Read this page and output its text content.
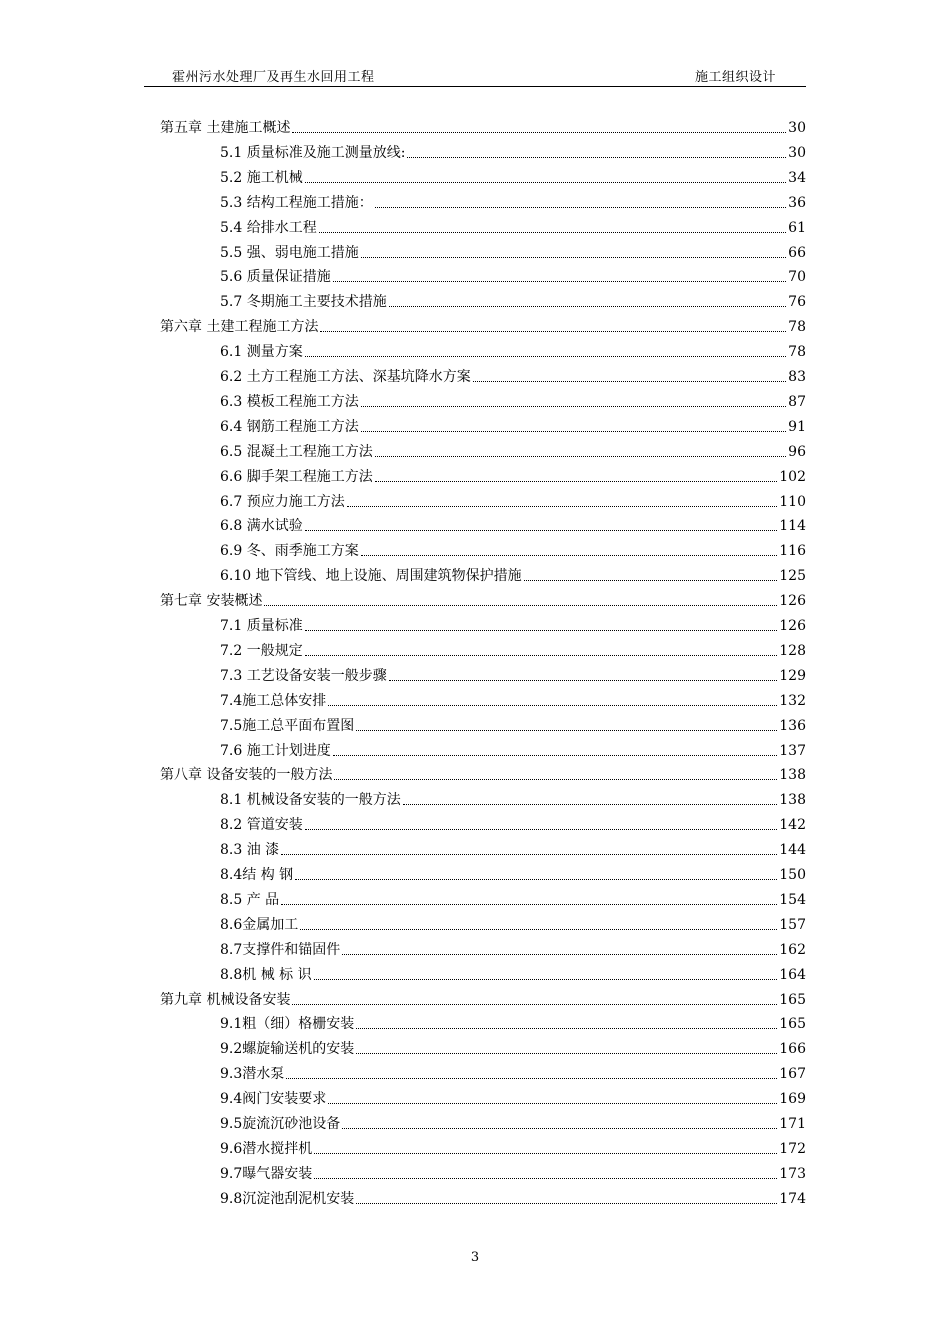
霍州污水处理厂及再生水回用工程	施工组织设计
第五章 土建施工概述	30
5.1 质量标准及施工测量放线:	30
5.2 施工机械	34
5.3 结构工程施工措施：	36
5.4 给排水工程	61
5.5 强、弱电施工措施	66
5.6 质量保证措施	70
5.7 冬期施工主要技术措施	76
第六章 土建工程施工方法	78
6.1 测量方案	78
6.2 土方工程施工方法、深基坑降水方案	83
6.3 模板工程施工方法	87
6.4 钢筋工程施工方法	91
6.5 混凝土工程施工方法	96
6.6 脚手架工程施工方法	102
6.7 预应力施工方法	110
6.8 满水试验	114
6.9 冬、雨季施工方案	116
6.10 地下管线、地上设施、周围建筑物保护措施	125
第七章 安装概述	126
7.1 质量标准	126
7.2 一般规定	128
7.3 工艺设备安装一般步骤	129
7.4施工总体安排	132
7.5施工总平面布置图	136
7.6 施工计划进度	137
第八章 设备安装的一般方法	138
8.1 机械设备安装的一般方法	138
8.2 管道安装	142
8.3 油 漆	144
8.4结 构 钢	150
8.5 产 品	154
8.6金属加工	157
8.7支撑件和锚固件	162
8.8机 械 标 识	164
第九章 机械设备安装	165
9.1粗（细）格栅安装	165
9.2螺旋输送机的安装	166
9.3潜水泵	167
9.4阀门安装要求	169
9.5旋流沉砂池设备	171
9.6潜水搅拌机	172
9.7曝气器安装	173
9.8沉淀池刮泥机安装	174
3
